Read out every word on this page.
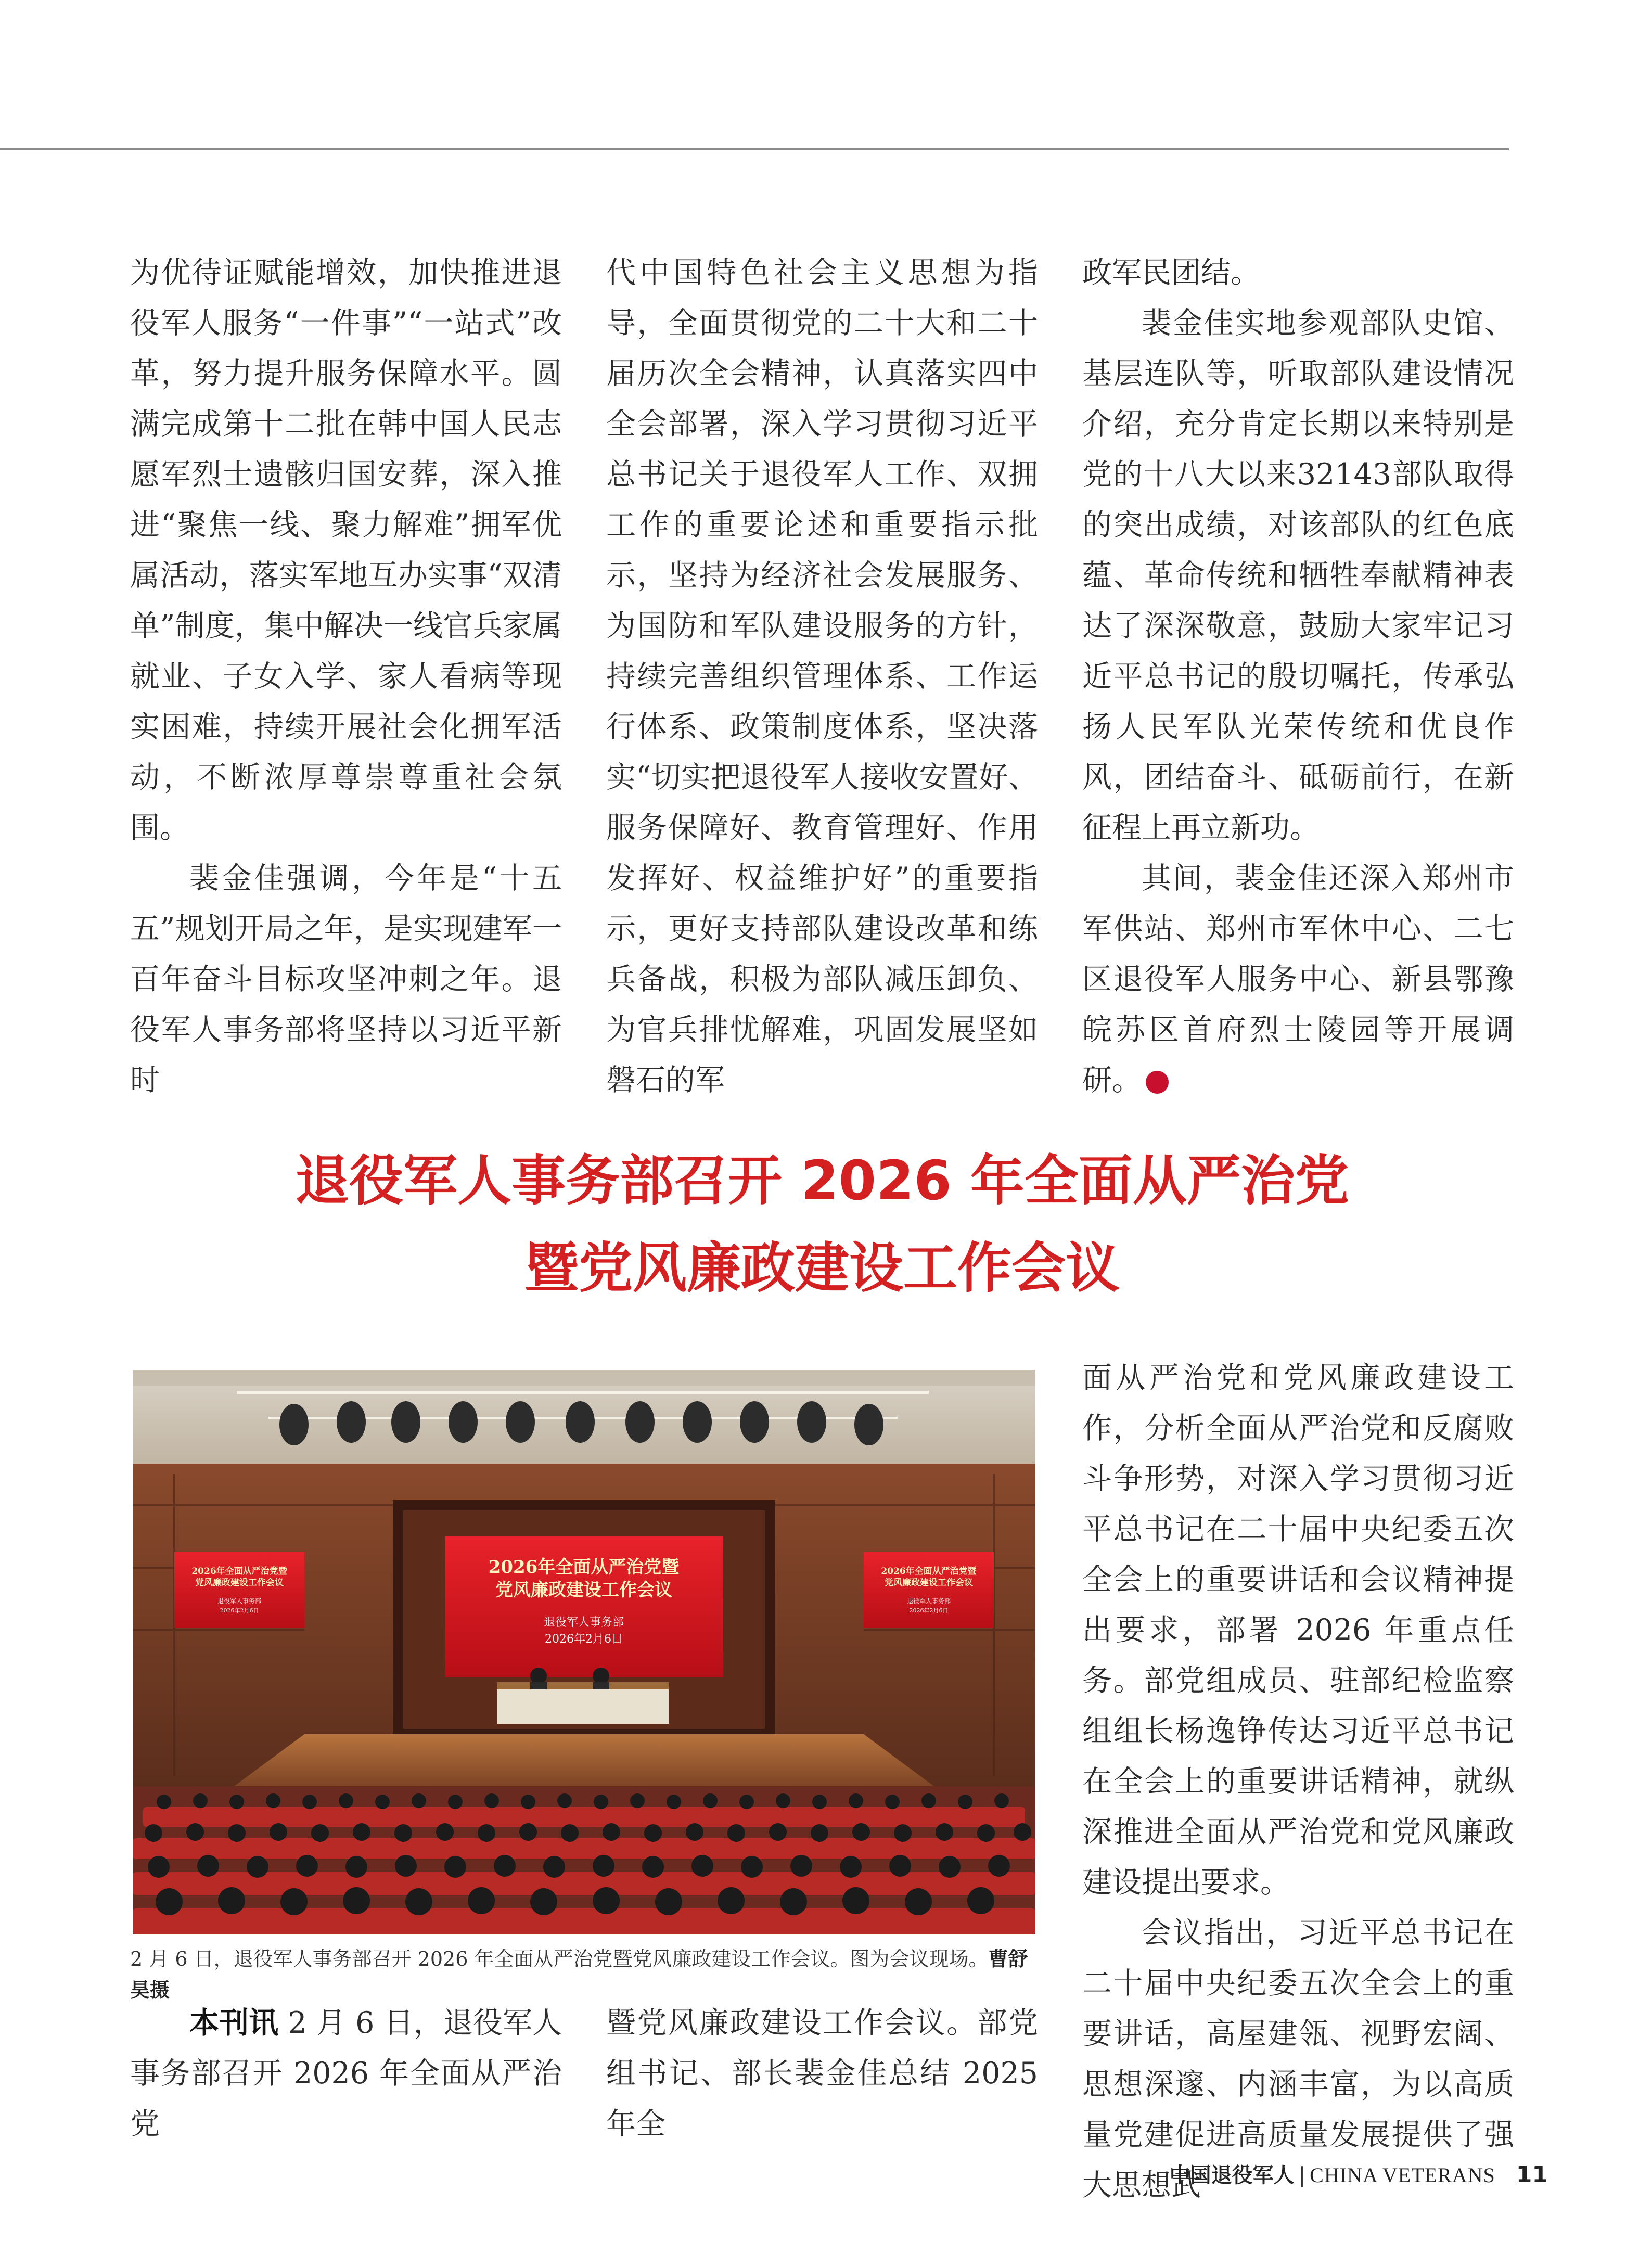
为优待证赋能增效，加快推进退役军人服务“一件事”“一站式”改革，努力提升服务保障水平。圆满完成第十二批在韩中国人民志愿军烈士遗骸归国安葬，深入推进“聚焦一线、聚力解难”拥军优属活动，落实军地互办实事“双清单”制度，集中解决一线官兵家属就业、子女入学、家人看病等现实困难，持续开展社会化拥军活动，不断浓厚尊崇尊重社会氛围。

裴金佳强调，今年是“十五五”规划开局之年，是实现建军一百年奋斗目标攻坚冲刺之年。退役军人事务部将坚持以习近平新时

代中国特色社会主义思想为指导，全面贯彻党的二十大和二十届历次全会精神，认真落实四中全会部署，深入学习贯彻习近平总书记关于退役军人工作、双拥工作的重要论述和重要指示批示，坚持为经济社会发展服务、为国防和军队建设服务的方针，持续完善组织管理体系、工作运行体系、政策制度体系，坚决落实“切实把退役军人接收安置好、服务保障好、教育管理好、作用发挥好、权益维护好”的重要指示，更好支持部队建设改革和练兵备战，积极为部队减压卸负、为官兵排忧解难，巩固发展坚如磐石的军

政军民团结。

裴金佳实地参观部队史馆、基层连队等，听取部队建设情况介绍，充分肯定长期以来特别是党的十八大以来32143部队取得的突出成绩，对该部队的红色底蕴、革命传统和牺牲奉献精神表达了深深敬意，鼓励大家牢记习近平总书记的殷切嘱托，传承弘扬人民军队光荣传统和优良作风，团结奋斗、砥砺前行，在新征程上再立新功。

其间，裴金佳还深入郑州市军供站、郑州市军休中心、二七区退役军人服务中心、新县鄂豫皖苏区首府烈士陵园等开展调研。	V

退役军人事务部召开 2026 年全面从严治党
暨党风廉政建设工作会议
2026年全面从严治党暨
党风廉政建设工作会议
退役军人事务部
2026年2月6日
2026年全面从严治党暨
党风廉政建设工作会议
退役军人事务部
2026年2月6日
2026年全面从严治党暨
党风廉政建设工作会议
退役军人事务部
2026年2月6日
2 月 6 日，退役军人事务部召开 2026 年全面从严治党暨党风廉政建设工作会议。图为会议现场。曹舒昊摄

本刊讯 2 月 6 日，退役军人事务部召开 2026 年全面从严治党

暨党风廉政建设工作会议。部党组书记、部长裴金佳总结 2025 年全

面从严治党和党风廉政建设工作，分析全面从严治党和反腐败斗争形势，对深入学习贯彻习近平总书记在二十届中央纪委五次全会上的重要讲话和会议精神提出要求，部署 2026 年重点任务。部党组成员、驻部纪检监察组组长杨逸铮传达习近平总书记在全会上的重要讲话精神，就纵深推进全面从严治党和党风廉政建设提出要求。

会议指出，习近平总书记在二十届中央纪委五次全会上的重要讲话，高屋建瓴、视野宏阔、思想深邃、内涵丰富，为以高质量党建促进高质量发展提供了强大思想武

中国退役军人 | CHINA VETERANS 11
